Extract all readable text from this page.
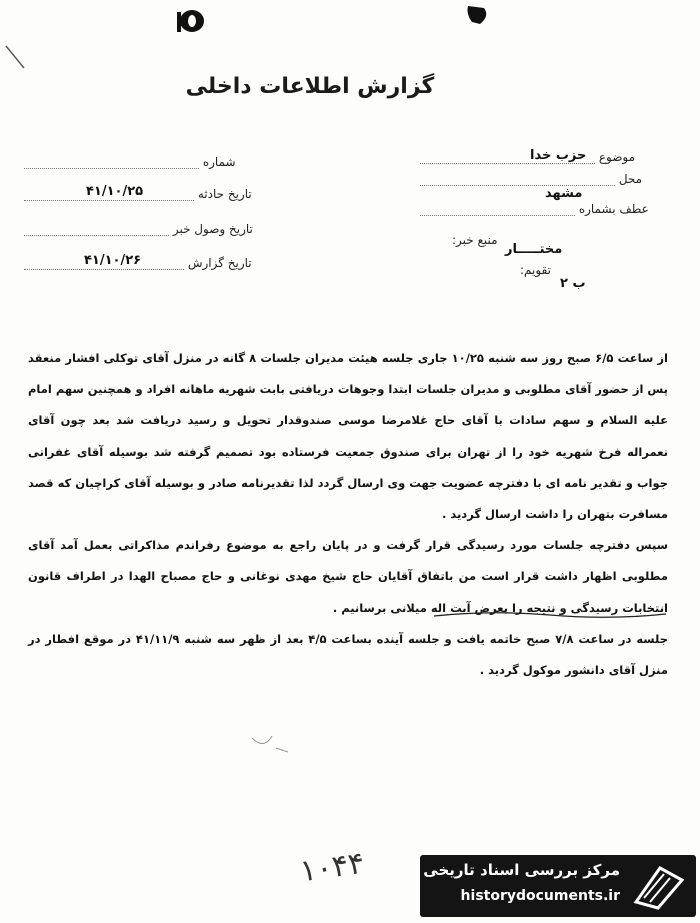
گزارش اطلاعات داخلی
شماره
تاریخ حادثه
۴۱/۱۰/۲۵
تاریخ وصول خبر
تاریخ گزارش
۴۱/۱۰/۲۶
موضوع
حزب خدا
محل
مشهد
عطف بشماره
منبع خبر:
مختـــــار
تقویم:
ب ۲

از ساعت ۶/۵ صبح روز سه شنبه ۱۰/۲۵ جاری جلسه هیئت مدیران جلسات ۸ گانه در منزل آقای توکلی افشار منعقد پس از حضور آقای مطلوبی و مدیران جلسات ابتدا وجوهات دریافتی بابت شهریه ماهانه افراد و همچنین سهم امام علیه السلام و سهم سادات با آقای حاج غلامرضا موسی صندوقدار تحویل و رسید دریافت شد بعد چون آقای نعمراله فرخ شهریه خود را از تهران برای صندوق جمعیت فرستاده بود تصمیم گرفته شد بوسیله آقای غفرانی جواب و تقدیر نامه ای با دفترچه عضویت جهت وی ارسال گردد لذا تقدیرنامه صادر و بوسیله آقای کراچیان که قصد مسافرت بتهران را داشت ارسال گردید .

سپس دفترچه جلسات مورد رسیدگی قرار گرفت و در پایان راجع به موضوع رفراندم مذاکراتی بعمل آمد آقای مطلوبی اظهار داشت قرار است من باتفاق آقایان حاج شیخ مهدی نوغانی و حاج مصباح الهدا در اطراف قانون انتخابات رسیدگی و نتیجه را بعرض آیت اله میلانی برسانیم .

جلسه در ساعت ۷/۸ صبح خاتمه یافت و جلسه آینده بساعت ۴/۵ بعد از ظهر سه شنبه ۴۱/۱۱/۹ در موقع افطار در منزل آقای دانشور موکول گردید .

۱۰۴۴	مرکز بررسی اسناد تاریخی
historydocuments.ir
